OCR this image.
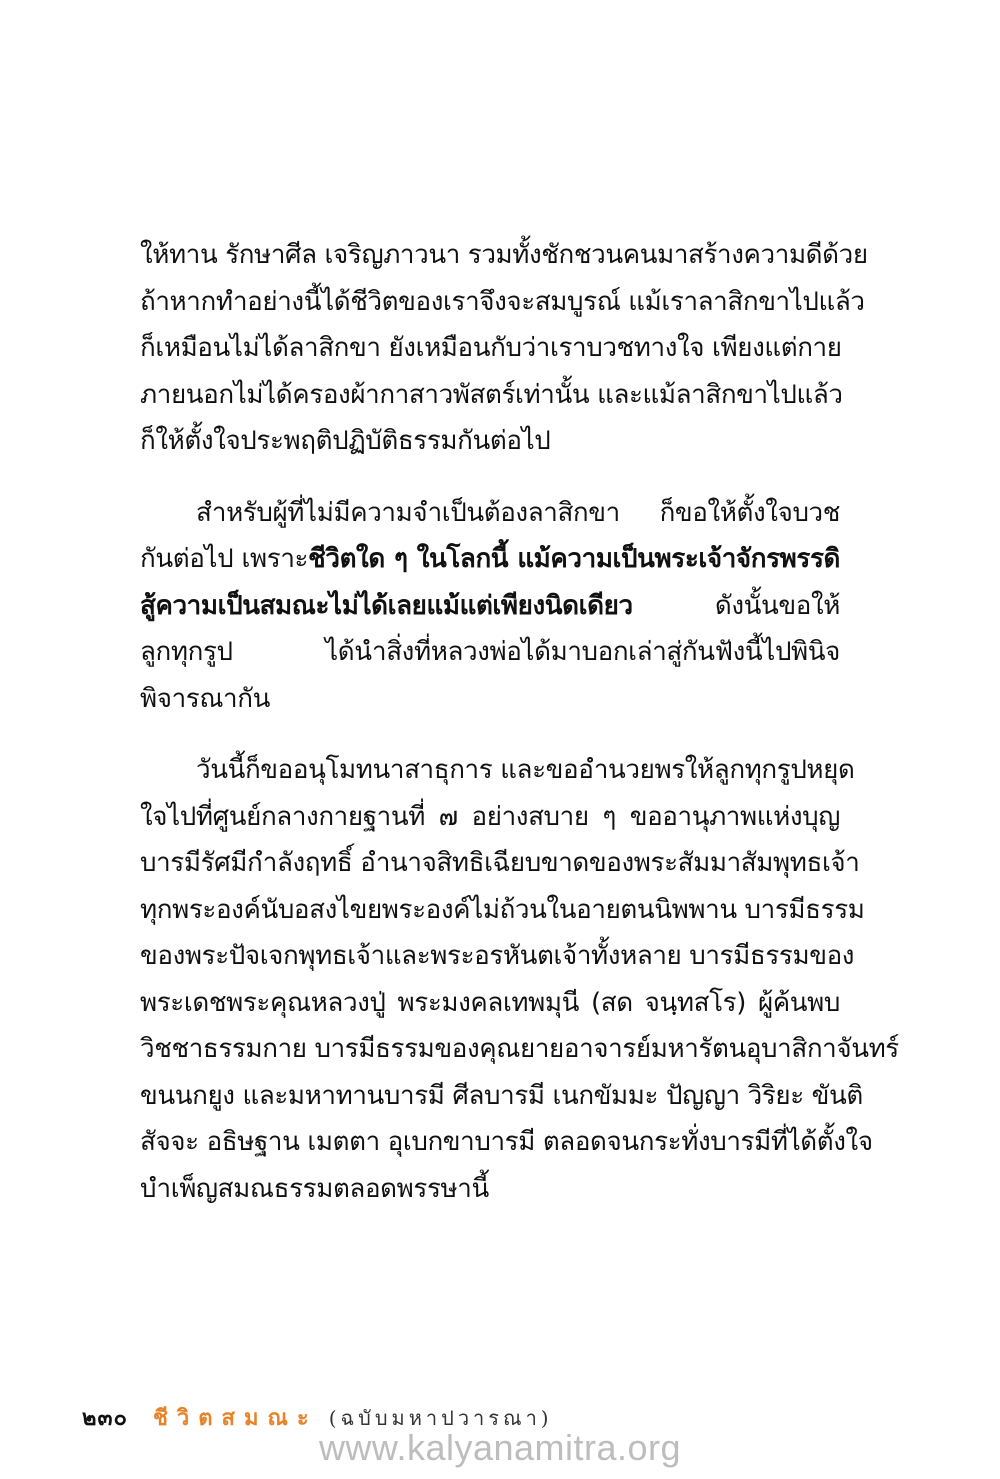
ให้ทาน รักษาศีล เจริญภาวนา รวมทั้งชักชวนคนมาสร้างความดีด้วย
ถ้าหากทำอย่างนี้ได้ชีวิตของเราจึงจะสมบูรณ์ แม้เราลาสิกขาไปแล้ว
ก็เหมือนไม่ได้ลาสิกขา ยังเหมือนกับว่าเราบวชทางใจ เพียงแต่กาย
ภายนอกไม่ได้ครองผ้ากาสาวพัสตร์เท่านั้น และแม้ลาสิกขาไปแล้ว
ก็ให้ตั้งใจประพฤติปฏิบัติธรรมกันต่อไป
สำหรับผู้ที่ไม่มีความจำเป็นต้องลาสิกขา ก็ขอให้ตั้งใจบวช
กันต่อไป เพราะชีวิตใด ๆ ในโลกนี้ แม้ความเป็นพระเจ้าจักรพรรดิ
สู้ความเป็นสมณะไม่ได้เลยแม้แต่เพียงนิดเดียว ดังนั้นขอให้
ลูกทุกรูป ได้นำสิ่งที่หลวงพ่อได้มาบอกเล่าสู่กันฟังนี้ไปพินิจ
พิจารณากัน
วันนี้ก็ขออนุโมทนาสาธุการ และขออำนวยพรให้ลูกทุกรูปหยุด
ใจไปที่ศูนย์กลางกายฐานที่ ๗ อย่างสบาย ๆ ขออานุภาพแห่งบุญ
บารมีรัศมีกำลังฤทธิ์ อำนาจสิทธิเฉียบขาดของพระสัมมาสัมพุทธเจ้า
ทุกพระองค์นับอสงไขยพระองค์ไม่ถ้วนในอายตนนิพพาน บารมีธรรม
ของพระปัจเจกพุทธเจ้าและพระอรหันตเจ้าทั้งหลาย บารมีธรรมของ
พระเดชพระคุณหลวงปู่ พระมงคลเทพมุนี (สด จนฺทสโร) ผู้ค้นพบ
วิชชาธรรมกาย บารมีธรรมของคุณยายอาจารย์มหารัตนอุบาสิกาจันทร์
ขนนกยูง และมหาทานบารมี ศีลบารมี เนกขัมมะ ปัญญา วิริยะ ขันติ
สัจจะ อธิษฐาน เมตตา อุเบกขาบารมี ตลอดจนกระทั่งบารมีที่ได้ตั้งใจ
บำเพ็ญสมณธรรมตลอดพรรษานี้
๒๓๐ ชีวิตสมณะ (ฉบับมหาปวารณา)
www.kalyanamitra.org
